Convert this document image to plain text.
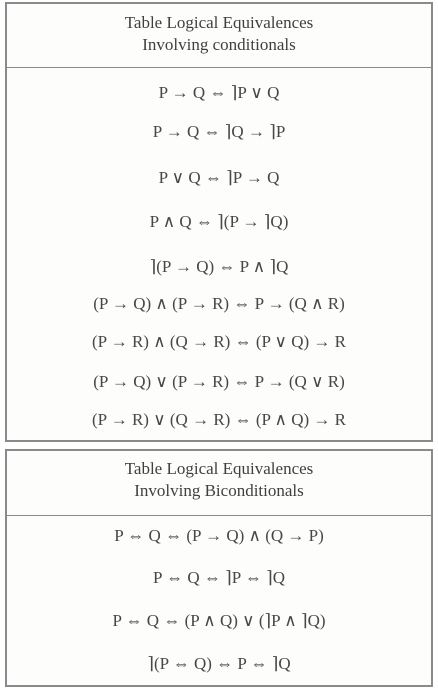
Table Logical Equivalences
Involving conditionals
P → Q ⇔ ⌉P ∨ Q
P → Q ⇔ ⌉Q → ⌉P
P ∨ Q ⇔ ⌉P → Q
P ∧ Q ⇔ ⌉(P → ⌉Q)
⌉(P → Q) ⇔ P ∧ ⌉Q
(P → Q) ∧ (P → R) ⇔ P → (Q ∧ R)
(P → R) ∧ (Q → R) ⇔ (P ∨ Q) → R
(P → Q) ∨ (P → R) ⇔ P → (Q ∨ R)
(P → R) ∨ (Q → R) ⇔ (P ∧ Q) → R
Table Logical Equivalences
Involving Biconditionals
P ⇔ Q ⇔ (P → Q) ∧ (Q → P)
P ⇔ Q ⇔ ⌉P ⇔ ⌉Q
P ⇔ Q ⇔ (P ∧ Q) ∨ (⌉P ∧ ⌉Q)
⌉(P ⇔ Q) ⇔ P ⇔ ⌉Q
